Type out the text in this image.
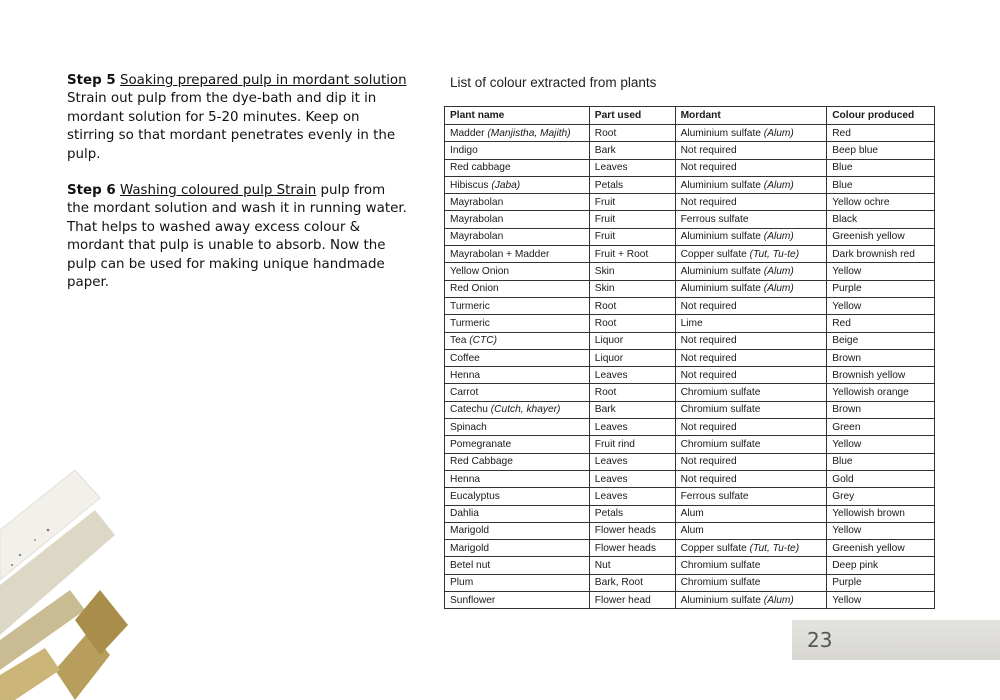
Step 5 Soaking prepared pulp in mordant solution Strain out pulp from the dye-bath and dip it in mordant solution for 5-20 minutes. Keep on stirring so that mordant penetrates evenly in the pulp.

Step 6 Washing coloured pulp Strain pulp from the mordant solution and wash it in running water. That helps to washed away excess colour & mordant that pulp is unable to absorb. Now the pulp can be used for making unique handmade paper.

List of colour extracted from plants
Plant name	Part used	Mordant	Colour produced
Madder (Manjistha, Majith)	Root	Aluminium sulfate (Alum)	Red
Indigo	Bark	Not required	Beep blue
Red cabbage	Leaves	Not required	Blue
Hibiscus (Jaba)	Petals	Aluminium sulfate (Alum)	Blue
Mayrabolan	Fruit	Not required	Yellow ochre
Mayrabolan	Fruit	Ferrous sulfate	Black
Mayrabolan	Fruit	Aluminium sulfate (Alum)	Greenish yellow
Mayrabolan + Madder	Fruit + Root	Copper sulfate (Tut, Tu-te)	Dark brownish red
Yellow Onion	Skin	Aluminium sulfate (Alum)	Yellow
Red Onion	Skin	Aluminium sulfate (Alum)	Purple
Turmeric	Root	Not required	Yellow
Turmeric	Root	Lime	Red
Tea (CTC)	Liquor	Not required	Beige
Coffee	Liquor	Not required	Brown
Henna	Leaves	Not required	Brownish yellow
Carrot	Root	Chromium sulfate	Yellowish orange
Catechu (Cutch, khayer)	Bark	Chromium sulfate	Brown
Spinach	Leaves	Not required	Green
Pomegranate	Fruit rind	Chromium sulfate	Yellow
Red Cabbage	Leaves	Not required	Blue
Henna	Leaves	Not required	Gold
Eucalyptus	Leaves	Ferrous sulfate	Grey
Dahlia	Petals	Alum	Yellowish brown
Marigold	Flower heads	Alum	Yellow
Marigold	Flower heads	Copper sulfate (Tut, Tu-te)	Greenish yellow
Betel nut	Nut	Chromium sulfate	Deep pink
Plum	Bark, Root	Chromium sulfate	Purple
Sunflower	Flower head	Aluminium sulfate (Alum)	Yellow
23
